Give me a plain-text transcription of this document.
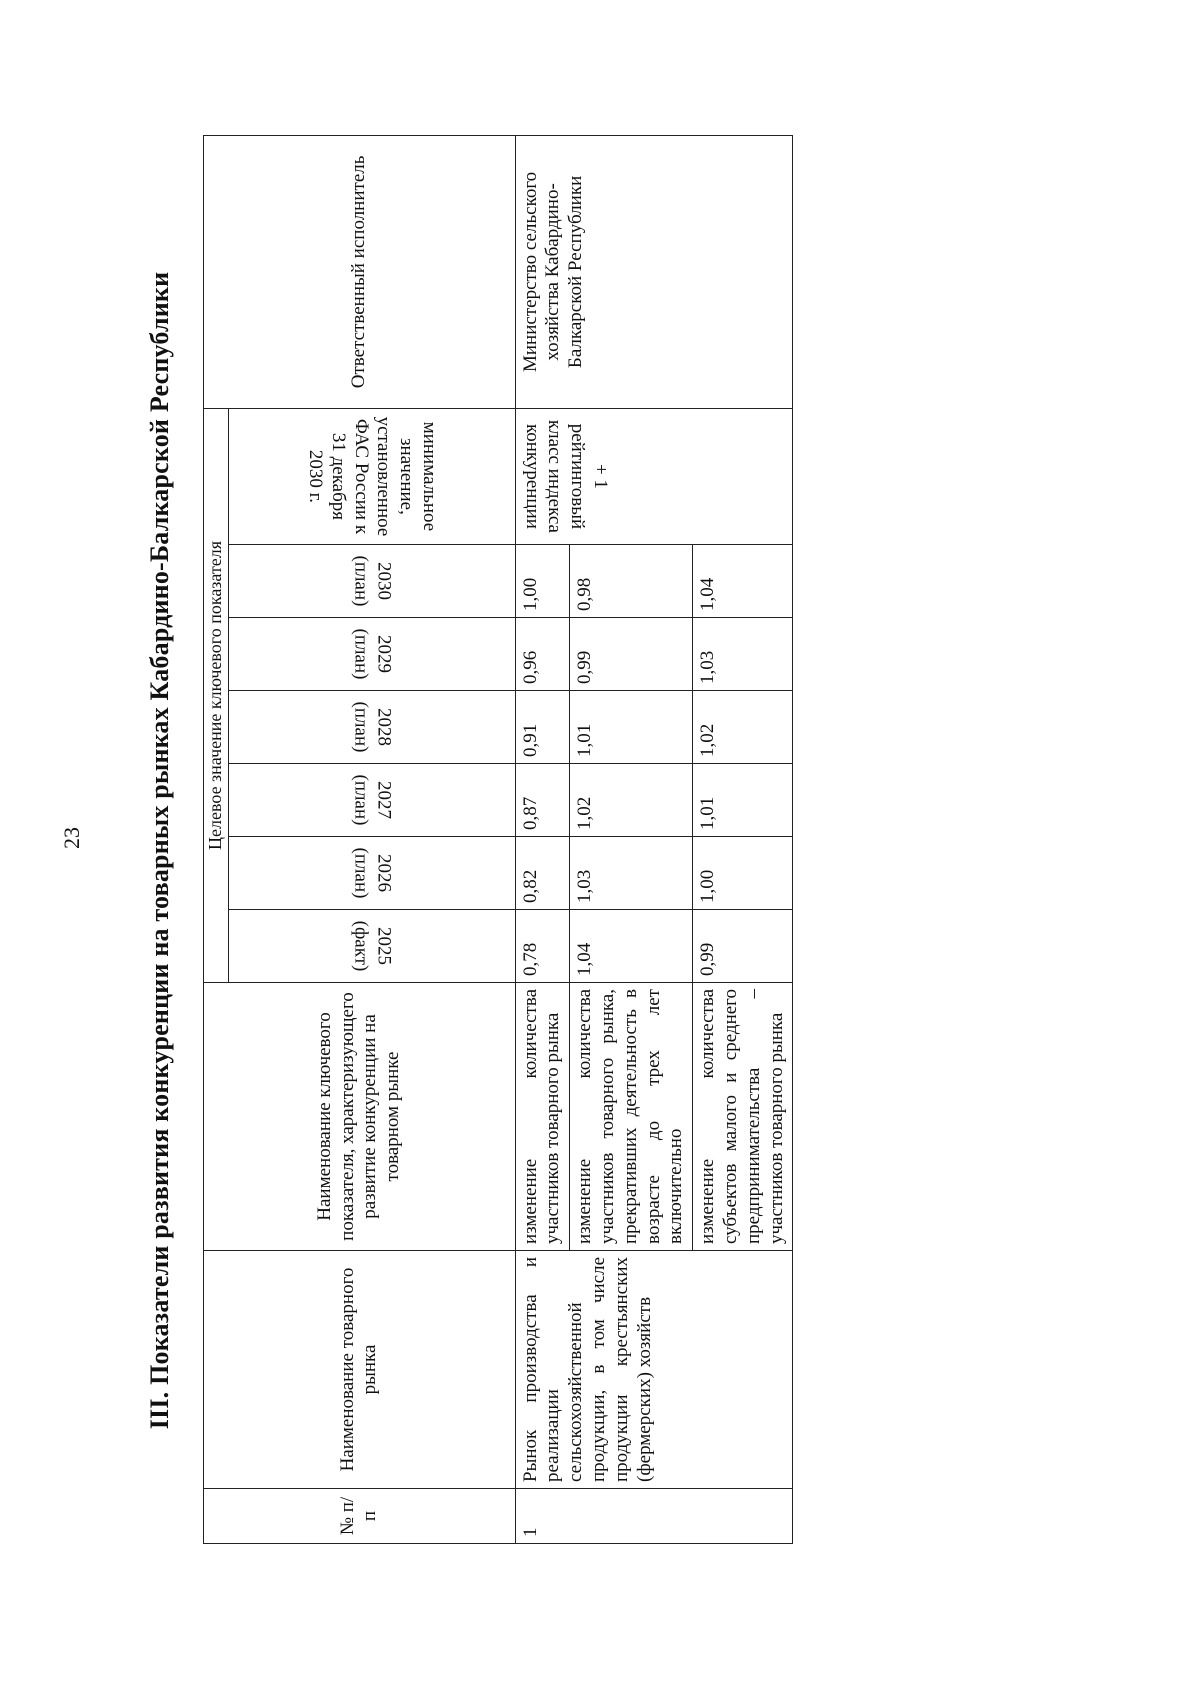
23	III. Показатели развития конкуренции на товарных рынках Кабардино-Балкарской Республики
№ п/п	Наименование товарного рынка	Наименование ключевого показателя, характеризующего развитие конкуренции на товарном рынке	Целевое значение ключевого показателя							Ответственный исполнитель
			2025 (факт)	2026 (план)	2027 (план)	2028 (план)	2029 (план)	2030 (план)	минимальное значение, установленное ФАС России к 31 декабря 2030 г.	
1	Рынок производства и реализации сельскохозяйственной продукции, в том числе продукции крестьянских (фермерских) хозяйств	изменение количества участников товарного рынка	0,78	0,82	0,87	0,91	0,96	1,00	+ 1 рейтинговый класс индекса конкуренции	Министерство сельского хозяйства Кабардино-Балкарской Республики
		изменение количества участников товарного рынка, прекративших деятельность в возрасте до трех лет включительно	1,04	1,03	1,02	1,01	0,99	0,98		
		изменение количества субъектов малого и среднего предпринимательства – участников товарного рынка	0,99	1,00	1,01	1,02	1,03	1,04		
